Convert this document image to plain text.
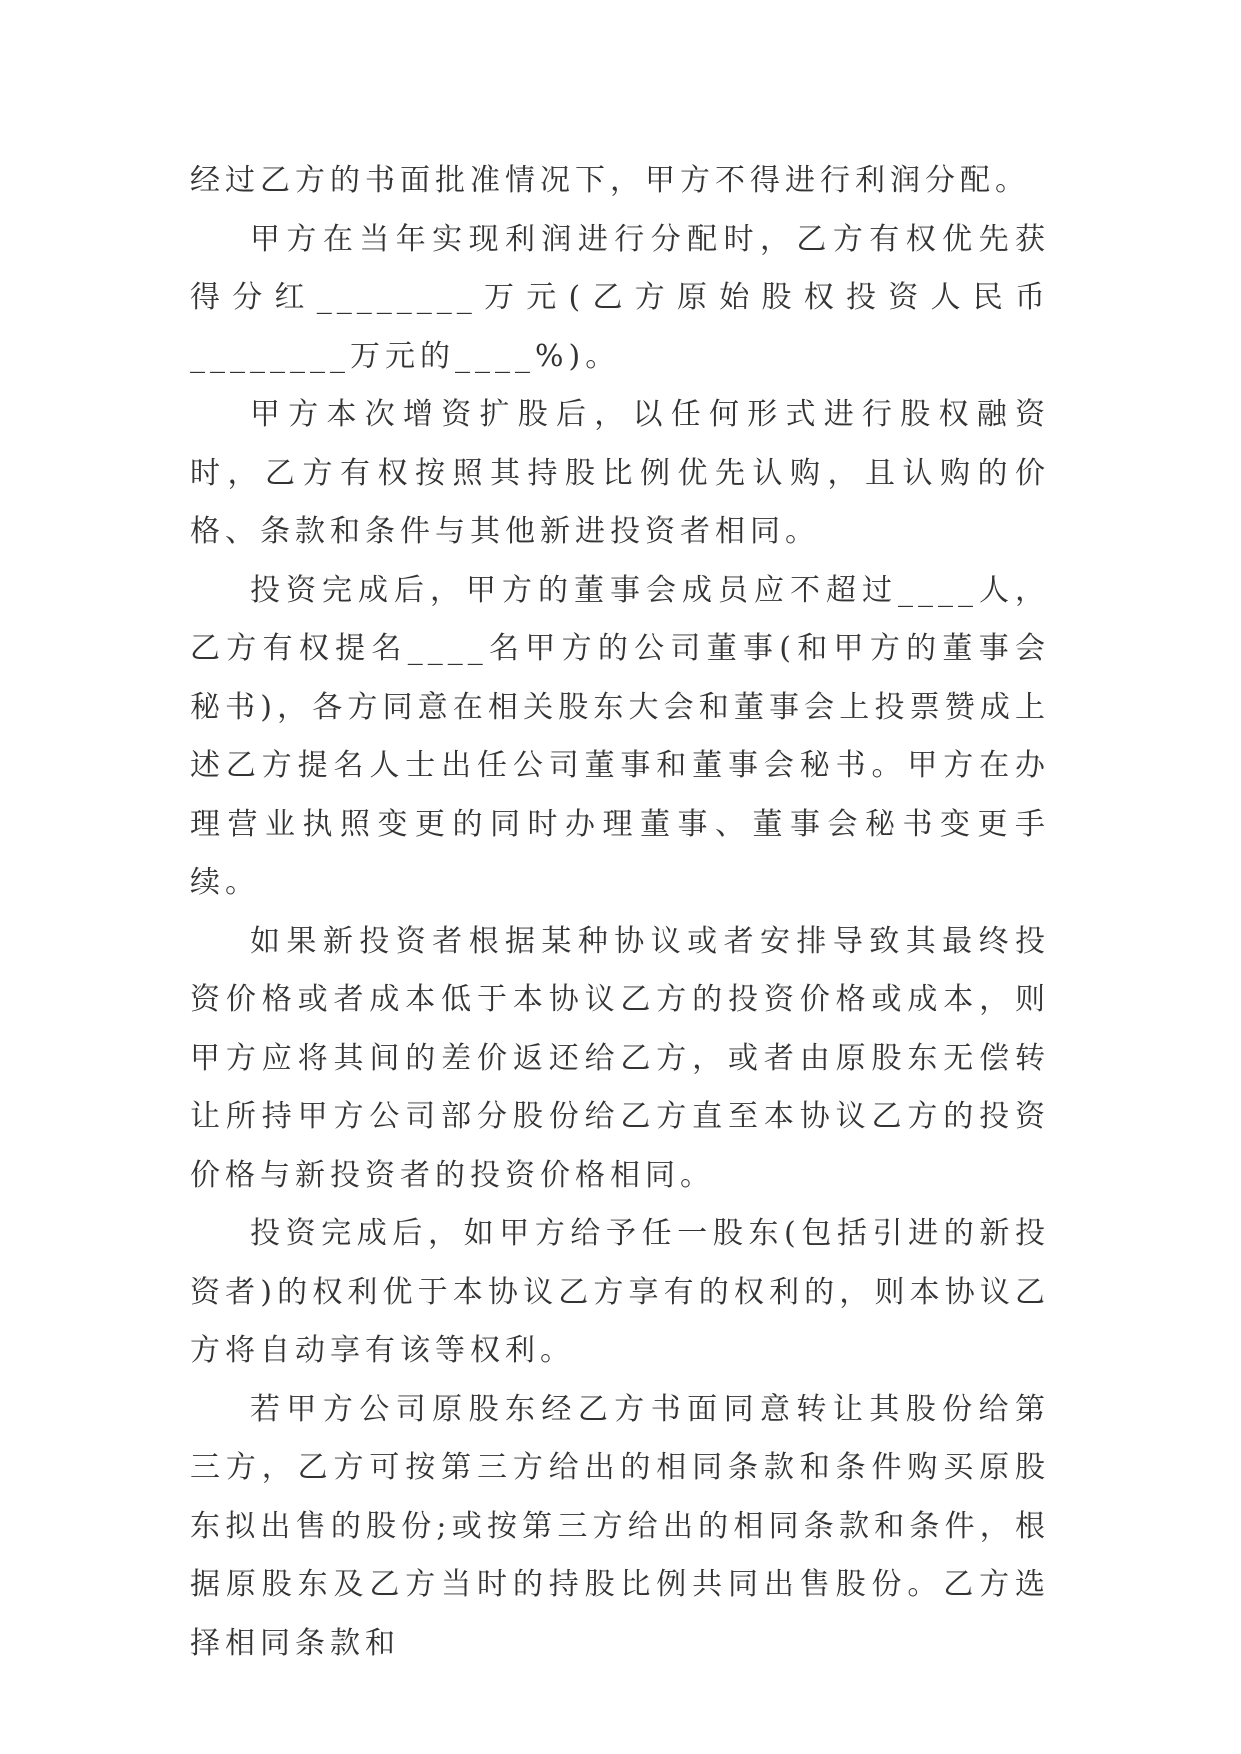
经过乙方的书面批准情况下，甲方不得进行利润分配。

甲方在当年实现利润进行分配时，乙方有权优先获得分红________万元(乙方原始股权投资人民币________万元的____%)。

甲方本次增资扩股后，以任何形式进行股权融资时，乙方有权按照其持股比例优先认购，且认购的价格、条款和条件与其他新进投资者相同。

投资完成后，甲方的董事会成员应不超过____人，乙方有权提名____名甲方的公司董事(和甲方的董事会秘书)，各方同意在相关股东大会和董事会上投票赞成上述乙方提名人士出任公司董事和董事会秘书。甲方在办理营业执照变更的同时办理董事、董事会秘书变更手续。

如果新投资者根据某种协议或者安排导致其最终投资价格或者成本低于本协议乙方的投资价格或成本，则甲方应将其间的差价返还给乙方，或者由原股东无偿转让所持甲方公司部分股份给乙方直至本协议乙方的投资价格与新投资者的投资价格相同。

投资完成后，如甲方给予任一股东(包括引进的新投资者)的权利优于本协议乙方享有的权利的，则本协议乙方将自动享有该等权利。

若甲方公司原股东经乙方书面同意转让其股份给第三方，乙方可按第三方给出的相同条款和条件购买原股东拟出售的股份;或按第三方给出的相同条款和条件，根据原股东及乙方当时的持股比例共同出售股份。乙方选择相同条款和
